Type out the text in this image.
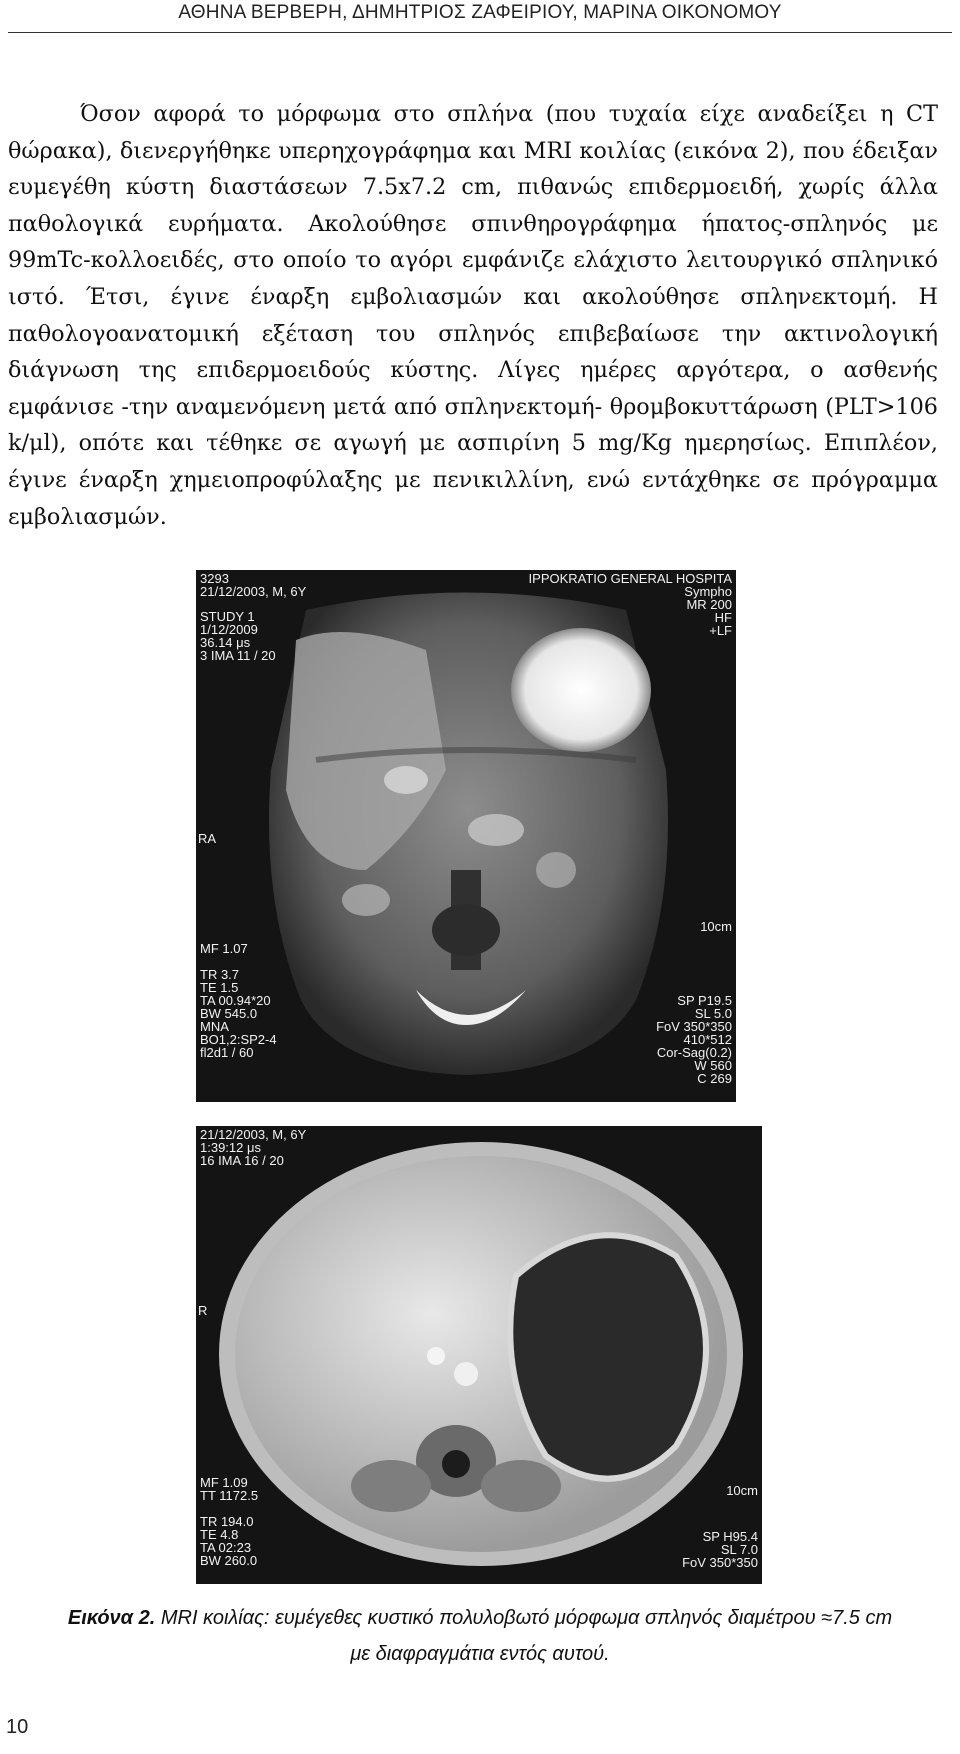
ΑΘΗΝΑ ΒΕΡΒΕΡΗ, ΔΗΜΗΤΡΙΟΣ ΖΑΦΕΙΡΙΟΥ, ΜΑΡΙΝΑ ΟΙΚΟΝΟΜΟΥ

Όσον αφορά το μόρφωμα στο σπλήνα (που τυχαία είχε αναδείξει η CT θώρακα), διενεργήθηκε υπερηχογράφημα και MRI κοιλίας (εικόνα 2), που έδειξαν ευμεγέθη κύστη διαστάσεων 7.5x7.2 cm, πιθανώς επιδερμοειδή, χωρίς άλλα παθολογικά ευρήματα. Ακολούθησε σπινθηρογράφημα ήπατος-σπληνός με 99mTc-κολλοειδές, στο οποίο το αγόρι εμφάνιζε ελάχιστο λειτουργικό σπληνικό ιστό. Έτσι, έγινε έναρξη εμβολιασμών και ακολούθησε σπληνεκτομή. Η παθολογοανατομική εξέταση του σπληνός επιβεβαίωσε την ακτινολογική διάγνωση της επιδερμοειδούς κύστης. Λίγες ημέρες αργότερα, ο ασθενής εμφάνισε -την αναμενόμενη μετά από σπληνεκτομή- θρομβοκυττάρωση (PLT>106 k/μl), οπότε και τέθηκε σε αγωγή με ασπιρίνη 5 mg/Kg ημερησίως. Επιπλέον, έγινε έναρξη χημειοπροφύλαξης με πενικιλλίνη, ενώ εντάχθηκε σε πρόγραμμα εμβολιασμών.

3293
21/12/2003, M, 6Y
STUDY 1
1/12/2009
36.14 μs
3 IMA 11 / 20
IPPOKRATIO GENERAL HOSPITA
Sympho
MR 200
HF
+LF
RA
10cm
MF 1.07

TR 3.7
TE 1.5
TA 00.94*20
BW 545.0
MNA
BO1,2:SP2-4
fl2d1 / 60
SP P19.5
SL 5.0
FoV 350*350
410*512
Cor-Sag(0.2)
W 560
C 269
21/12/2003, M, 6Y
1:39:12 μs
16 IMA 16 / 20
R
10cm
MF 1.09
TT 1172.5

TR 194.0
TE 4.8
TA 02:23
BW 260.0
SP H95.4
SL 7.0
FoV 350*350
Εικόνα 2. MRI κοιλίας: ευμέγεθες κυστικό πολυλοβωτό μόρφωμα σπληνός διαμέτρου ≈7.5 cm
με διαφραγμάτια εντός αυτού.
10
